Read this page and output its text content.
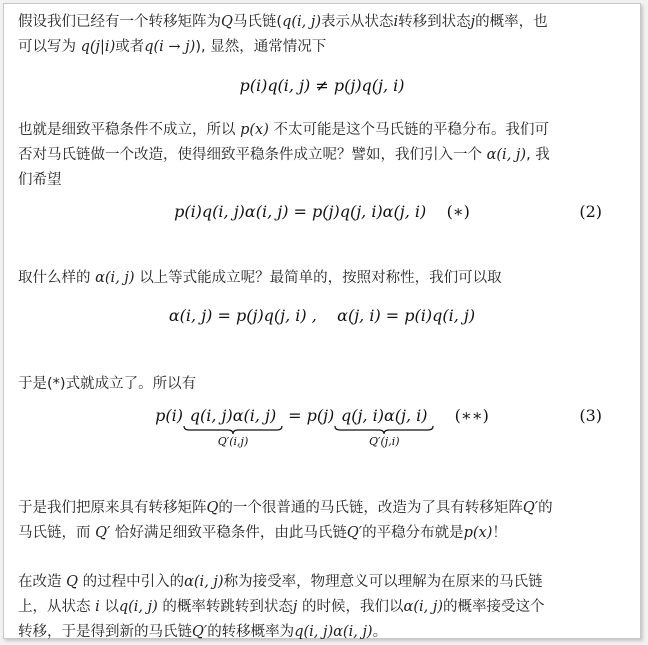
假设我们已经有一个转移矩阵为Q马氏链(q(i, j)表示从状态i转移到状态j的概率，也
可以写为 q(j|i)或者q(i → j)), 显然，通常情况下
p(i)q(i, j) ≠ p(j)q(j, i)
也就是细致平稳条件不成立，所以 p(x) 不太可能是这个马氏链的平稳分布。我们可
否对马氏链做一个改造，使得细致平稳条件成立呢？譬如，我们引入一个 α(i, j), 我
们希望
p(i)q(i, j)α(i, j) = p(j)q(j, i)α(j, i) (∗)	(2)
取什么样的 α(i, j) 以上等式能成立呢？最简单的，按照对称性，我们可以取
α(i, j) = p(j)q(j, i) , α(j, i) = p(i)q(i, j)
于是(*)式就成立了。所以有
p(i) q(i, j)α(i, j)
Q′(i,j)
= p(j) q(j, i)α(j, i)
Q′(j,i)
(∗∗)	(3)
于是我们把原来具有转移矩阵Q的一个很普通的马氏链，改造为了具有转移矩阵Q′的
马氏链，而 Q′ 恰好满足细致平稳条件，由此马氏链Q′的平稳分布就是p(x)！
在改造 Q 的过程中引入的α(i, j)称为接受率，物理意义可以理解为在原来的马氏链
上，从状态 i 以q(i, j) 的概率转跳转到状态j 的时候，我们以α(i, j)的概率接受这个
转移，于是得到新的马氏链Q′的转移概率为q(i, j)α(i, j)。
